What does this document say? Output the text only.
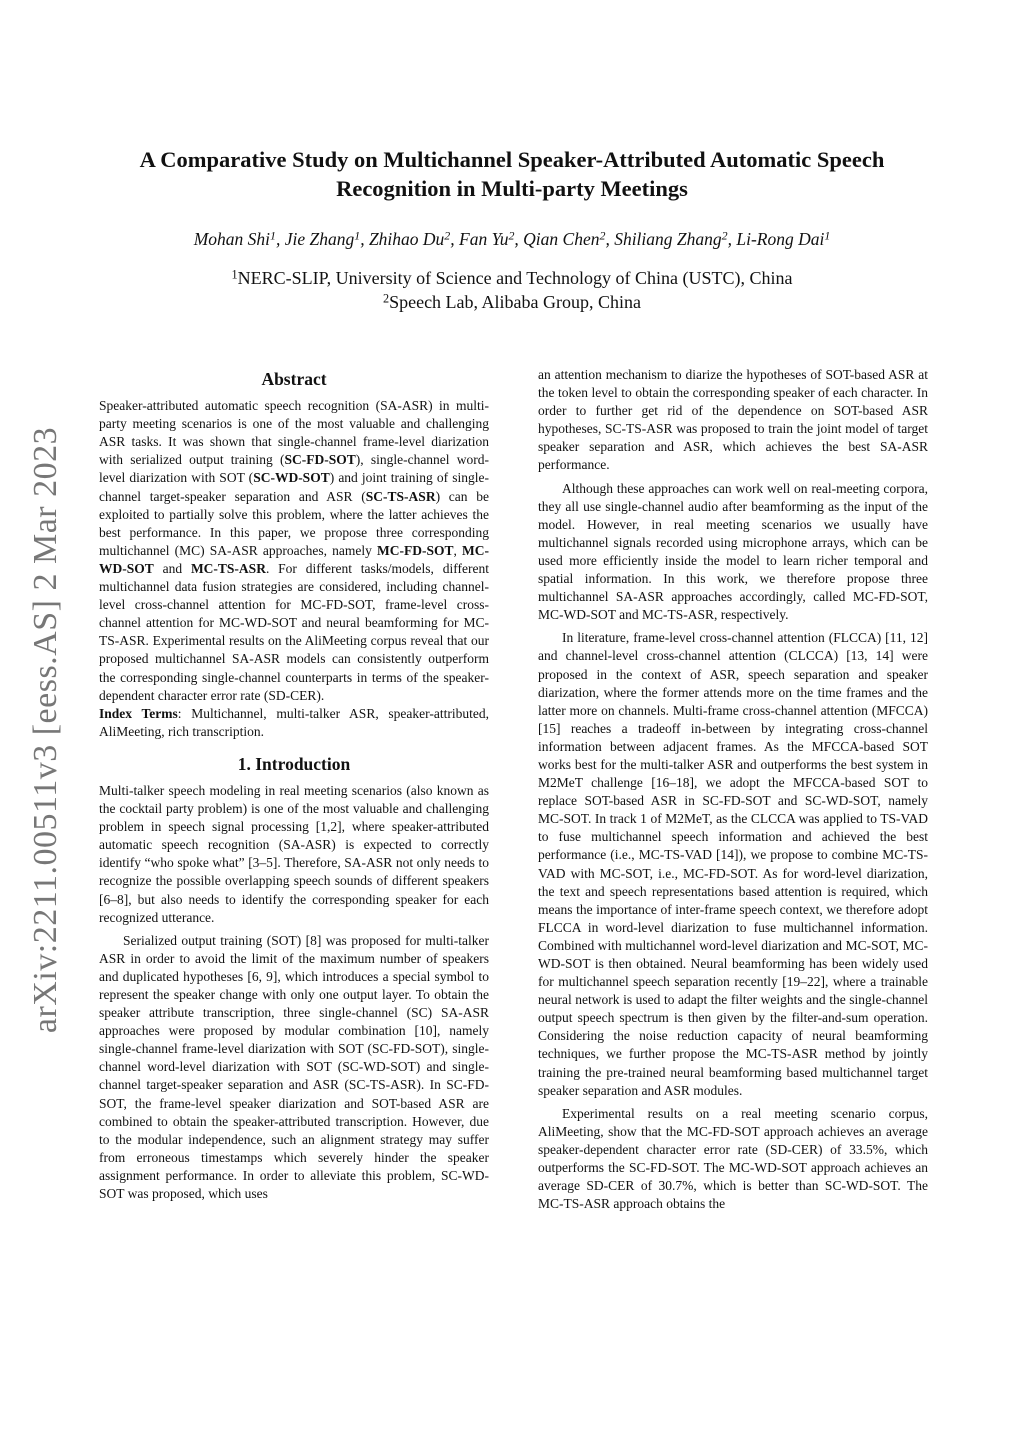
arXiv:2211.00511v3 [eess.AS] 2 Mar 2023
A Comparative Study on Multichannel Speaker-Attributed Automatic Speech Recognition in Multi-party Meetings
Mohan Shi$^1$, Jie Zhang$^1$, Zhihao Du$^2$, Fan Yu$^2$, Qian Chen$^2$, Shiliang Zhang$^2$, Li-Rong Dai$^1$
$^1$NERC-SLIP, University of Science and Technology of China (USTC), China
$^2$Speech Lab, Alibaba Group, China
Abstract

Speaker-attributed automatic speech recognition (SA-ASR) in multi-party meeting scenarios is one of the most valuable and challenging ASR tasks. It was shown that single-channel frame-level diarization with serialized output training (SC-FD-SOT), single-channel word-level diarization with SOT (SC-WD-SOT) and joint training of single-channel target-speaker separation and ASR (SC-TS-ASR) can be exploited to partially solve this problem, where the latter achieves the best performance. In this paper, we propose three corresponding multichannel (MC) SA-ASR approaches, namely MC-FD-SOT, MC-WD-SOT and MC-TS-ASR. For different tasks/models, different multichannel data fusion strategies are considered, including channel-level cross-channel attention for MC-FD-SOT, frame-level cross-channel attention for MC-WD-SOT and neural beamforming for MC-TS-ASR. Experimental results on the AliMeeting corpus reveal that our proposed multichannel SA-ASR models can consistently outperform the corresponding single-channel counterparts in terms of the speaker-dependent character error rate (SD-CER).

Index Terms: Multichannel, multi-talker ASR, speaker-attributed, AliMeeting, rich transcription.

1. Introduction

Multi-talker speech modeling in real meeting scenarios (also known as the cocktail party problem) is one of the most valuable and challenging problem in speech signal processing [1,2], where speaker-attributed automatic speech recognition (SA-ASR) is expected to correctly identify “who spoke what” [3–5]. Therefore, SA-ASR not only needs to recognize the possible overlapping speech sounds of different speakers [6–8], but also needs to identify the corresponding speaker for each recognized utterance.

Serialized output training (SOT) [8] was proposed for multi-talker ASR in order to avoid the limit of the maximum number of speakers and duplicated hypotheses [6, 9], which introduces a special symbol to represent the speaker change with only one output layer. To obtain the speaker attribute transcription, three single-channel (SC) SA-ASR approaches were proposed by modular combination [10], namely single-channel frame-level diarization with SOT (SC-FD-SOT), single-channel word-level diarization with SOT (SC-WD-SOT) and single-channel target-speaker separation and ASR (SC-TS-ASR). In SC-FD-SOT, the frame-level speaker diarization and SOT-based ASR are combined to obtain the speaker-attributed transcription. However, due to the modular independence, such an alignment strategy may suffer from erroneous timestamps which severely hinder the speaker assignment performance. In order to alleviate this problem, SC-WD-SOT was proposed, which uses

an attention mechanism to diarize the hypotheses of SOT-based ASR at the token level to obtain the corresponding speaker of each character. In order to further get rid of the dependence on SOT-based ASR hypotheses, SC-TS-ASR was proposed to train the joint model of target speaker separation and ASR, which achieves the best SA-ASR performance.

Although these approaches can work well on real-meeting corpora, they all use single-channel audio after beamforming as the input of the model. However, in real meeting scenarios we usually have multichannel signals recorded using microphone arrays, which can be used more efficiently inside the model to learn richer temporal and spatial information. In this work, we therefore propose three multichannel SA-ASR approaches accordingly, called MC-FD-SOT, MC-WD-SOT and MC-TS-ASR, respectively.

In literature, frame-level cross-channel attention (FLCCA) [11, 12] and channel-level cross-channel attention (CLCCA) [13, 14] were proposed in the context of ASR, speech separation and speaker diarization, where the former attends more on the time frames and the latter more on channels. Multi-frame cross-channel attention (MFCCA) [15] reaches a tradeoff in-between by integrating cross-channel information between adjacent frames. As the MFCCA-based SOT works best for the multi-talker ASR and outperforms the best system in M2MeT challenge [16–18], we adopt the MFCCA-based SOT to replace SOT-based ASR in SC-FD-SOT and SC-WD-SOT, namely MC-SOT. In track 1 of M2MeT, as the CLCCA was applied to TS-VAD to fuse multichannel speech information and achieved the best performance (i.e., MC-TS-VAD [14]), we propose to combine MC-TS-VAD with MC-SOT, i.e., MC-FD-SOT. As for word-level diarization, the text and speech representations based attention is required, which means the importance of inter-frame speech context, we therefore adopt FLCCA in word-level diarization to fuse multichannel information. Combined with multichannel word-level diarization and MC-SOT, MC-WD-SOT is then obtained. Neural beamforming has been widely used for multichannel speech separation recently [19–22], where a trainable neural network is used to adapt the filter weights and the single-channel output speech spectrum is then given by the filter-and-sum operation. Considering the noise reduction capacity of neural beamforming techniques, we further propose the MC-TS-ASR method by jointly training the pre-trained neural beamforming based multichannel target speaker separation and ASR modules.

Experimental results on a real meeting scenario corpus, AliMeeting, show that the MC-FD-SOT approach achieves an average speaker-dependent character error rate (SD-CER) of 33.5%, which outperforms the SC-FD-SOT. The MC-WD-SOT approach achieves an average SD-CER of 30.7%, which is better than SC-WD-SOT. The MC-TS-ASR approach obtains the
